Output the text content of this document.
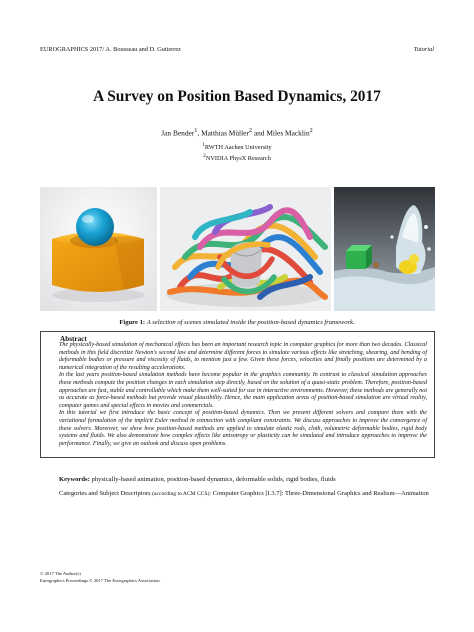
EUROGRAPHICS 2017/ A. Bousseau and D. Gutierrez	Tutorial
A Survey on Position Based Dynamics, 2017
Jan Bender$^1$, Matthias Müller$^2$ and Miles Macklin$^2$
$^1$RWTH Aachen University
$^2$NVIDIA PhysX Research
Figure 1: A selection of scenes simulated inside the position-based dynamics framework.
Abstract

The physically-based simulation of mechanical effects has been an important research topic in computer graphics for more than two decades. Classical methods in this field discretize Newton's second law and determine different forces to simulate various effects like stretching, shearing, and bending of deformable bodies or pressure and viscosity of fluids, to mention just a few. Given these forces, velocities and finally positions are determined by a numerical integration of the resulting accelerations.

In the last years position-based simulation methods have become popular in the graphics community. In contrast to classical simulation approaches these methods compute the position changes in each simulation step directly, based on the solution of a quasi-static problem. Therefore, position-based approaches are fast, stable and controllable which make them well-suited for use in interactive environments. However, these methods are generally not as accurate as force-based methods but provide visual plausibility. Hence, the main application areas of position-based simulation are virtual reality, computer games and special effects in movies and commercials.

In this tutorial we first introduce the basic concept of position-based dynamics. Then we present different solvers and compare them with the variational formulation of the implicit Euler method in connection with compliant constraints. We discuss approaches to improve the convergence of these solvers. Moreover, we show how position-based methods are applied to simulate elastic rods, cloth, volumetric deformable bodies, rigid body systems and fluids. We also demonstrate how complex effects like anisotropy or plasticity can be simulated and introduce approaches to improve the performance. Finally, we give an outlook and discuss open problems.

Keywords: physically-based animation, position-based dynamics, deformable solids, rigid bodies, fluids
Categories and Subject Descriptors (according to ACM CCS): Computer Graphics [I.3.7]: Three-Dimensional Graphics and Realism—Animation
© 2017 The Author(s)
Eurographics Proceedings © 2017 The Eurographics Association.
